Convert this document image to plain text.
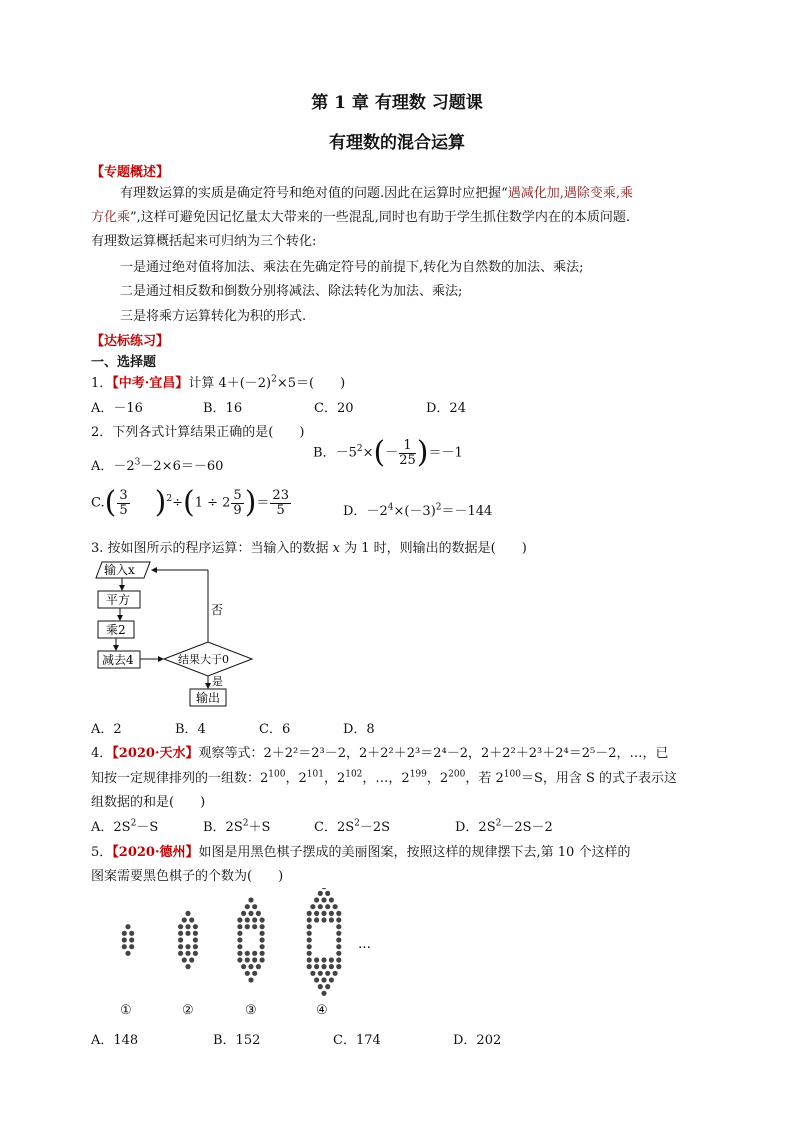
第 1 章 有理数 习题课
有理数的混合运算
【专题概述】
有理数运算的实质是确定符号和绝对值的问题.因此在运算时应把握“遇减化加,遇除变乘,乘
方化乘”,这样可避免因记忆量太大带来的一些混乱,同时也有助于学生抓住数学内在的本质问题.
有理数运算概括起来可归纳为三个转化:
一是通过绝对值将加法、乘法在先确定符号的前提下,转化为自然数的加法、乘法;
二是通过相反数和倒数分别将减法、除法转化为加法、乘法;
三是将乘方运算转化为积的形式.
【达标练习】
一、选择题
1．【中考·宜昌】计算 $4+(-2)^2\times 5=$(　　)
A．－16	B．16	C．20	D．24
2．下列各式计算结果正确的是(　　)
A．$-2^3-2\times 6=-60$
B．$-5^2\times(- \frac{1}{25} )=-1$
$C.( \frac{3}{5} )^2\div(1 \div 2 \frac{5}{9}$ )＝ $\frac{23}{5}$	D．$-2^4\times(-3)^2=-144$
3. 按如图所示的程序运算：当输入的数据 x 为 1 时，则输出的数据是(　　)
输入x
平方
乘2
减去4	结果大于0
否
是
输出
A．2	B．4	C．6	D．8
4．【2020·天水】观察等式：2＋2²＝2³－2，2＋2²＋2³＝2⁴－2，2＋2²＋2³＋2⁴＝2⁵－2，…，已
知按一定规律排列的一组数：$2^{100}$，$2^{101}$，$2^{102}$，…，$2^{199}$，$2^{200}$，若 $2^{100}=S$，用含 S 的式子表示这
组数据的和是(　　)
A．$2S^2-S$	B．$2S^2+S$	C．$2S^2-2S$	D．$2S^2-2S-2$
5．【2020·德州】如图是用黑色棋子摆成的美丽图案，按照这样的规律摆下去,第 10 个这样的
图案需要黑色棋子的个数为(　　)
…
①	②	③	④
A．148	B．152	C．174	D．202
